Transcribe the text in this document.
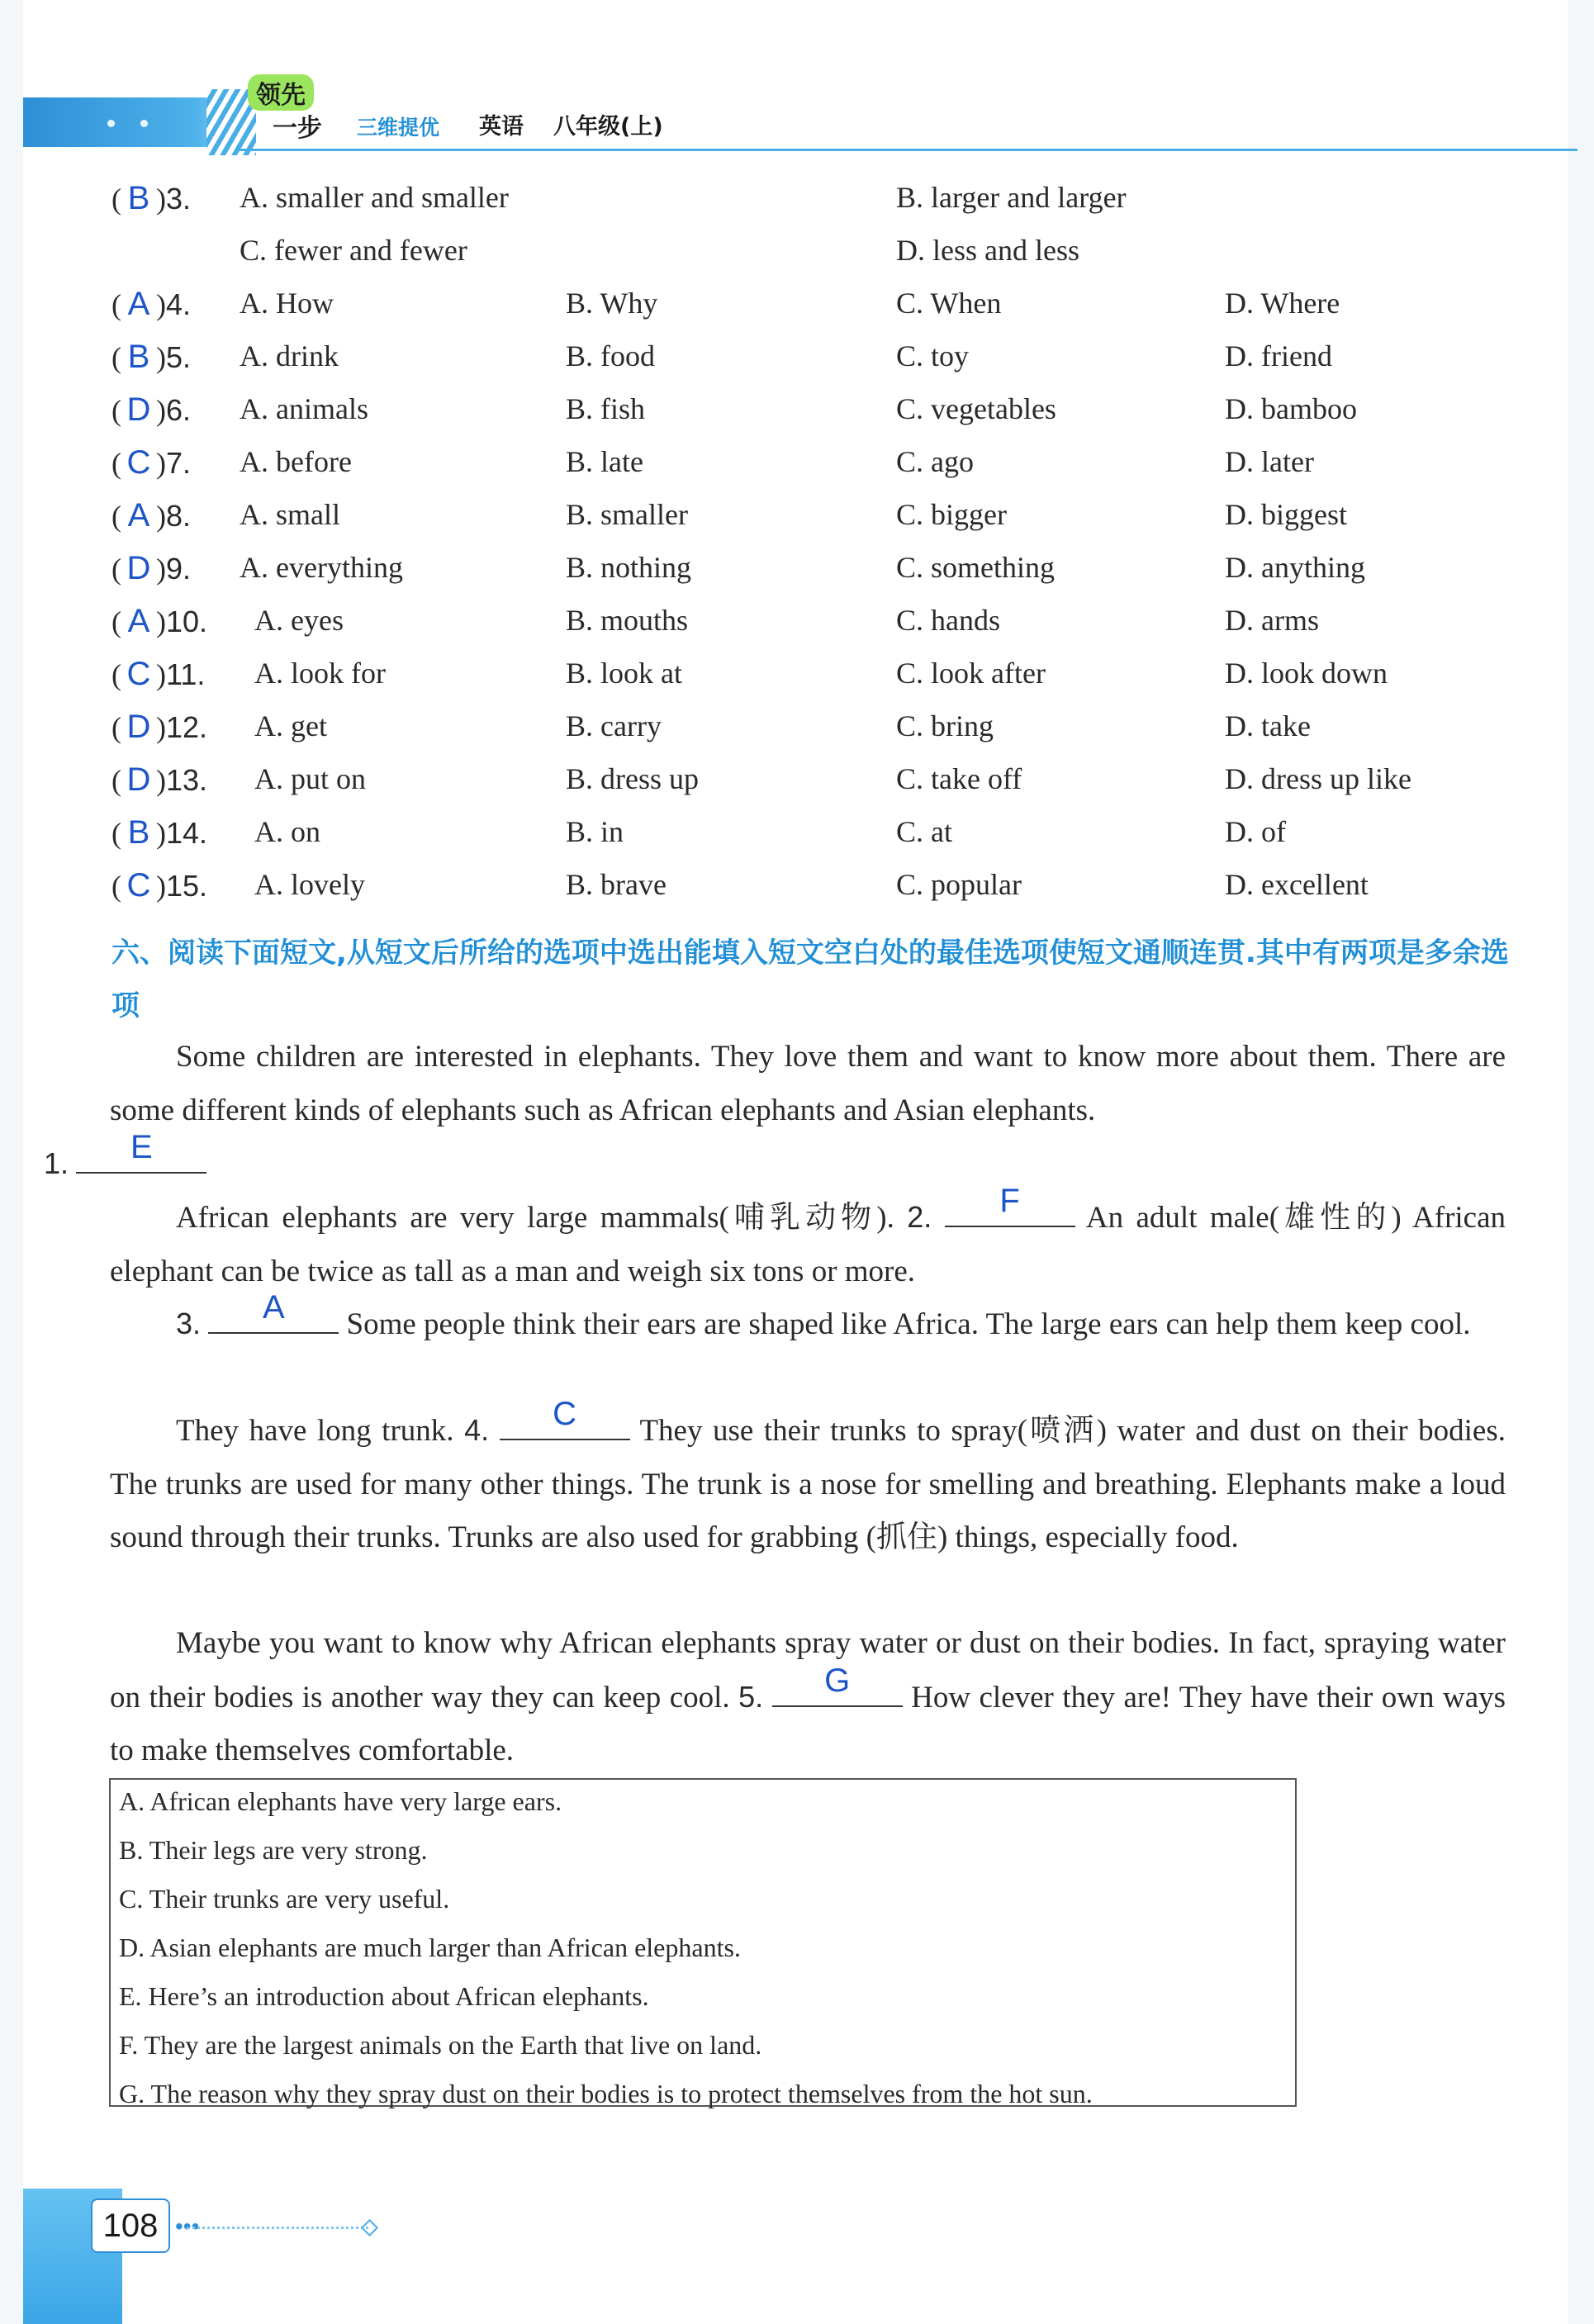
领先
一步 三维提优 英语 八年级(上)
( B )3. A. smaller and smaller	B. larger and larger
C. fewer and fewer	D. less and less
( A )4. A. How	B. Why	C. When	D. Where
( B )5. A. drink	B. food	C. toy	D. friend
( D )6. A. animals	B. fish	C. vegetables	D. bamboo
( C )7. A. before	B. late	C. ago	D. later
( A )8. A. small	B. smaller	C. bigger	D. biggest
( D )9. A. everything	B. nothing	C. something	D. anything
( A )10. A. eyes	B. mouths	C. hands	D. arms
( C )11. A. look for	B. look at	C. look after	D. look down
( D )12. A. get	B. carry	C. bring	D. take
( D )13. A. put on	B. dress up	C. take off	D. dress up like
( B )14. A. on	B. in	C. at	D. of
( C )15. A. lovely	B. brave	C. popular	D. excellent
六、阅读下面短文,从短文后所给的选项中选出能填入短文空白处的最佳选项使短文通顺连贯.其中有两项是多余选项
Some children are interested in elephants. They love them and want to know more about them. There are some different kinds of elephants such as African elephants and Asian elephants.
1.	E
African elephants are very large mammals(哺乳动物). 2.	F	An adult male(雄性的) African elephant can be twice as tall as a man and weigh six tons or more.
3.	A	Some people think their ears are shaped like Africa. The large ears can help them keep cool.
They have long trunk. 4.	C	They use their trunks to spray(喷洒) water and dust on their bodies. The trunks are used for many other things. The trunk is a nose for smelling and breathing. Elephants make a loud sound through their trunks. Trunks are also used for grabbing (抓住) things, especially food.
Maybe you want to know why African elephants spray water or dust on their bodies. In fact, spraying water on their bodies is another way they can keep cool. 5.	G	How clever they are! They have their own ways to make themselves comfortable.
A. African elephants have very large ears.
B. Their legs are very strong.
C. Their trunks are very useful.
D. Asian elephants are much larger than African elephants.
E. Here’s an introduction about African elephants.
F. They are the largest animals on the Earth that live on land.
G. The reason why they spray dust on their bodies is to protect themselves from the hot sun.
108 •••
